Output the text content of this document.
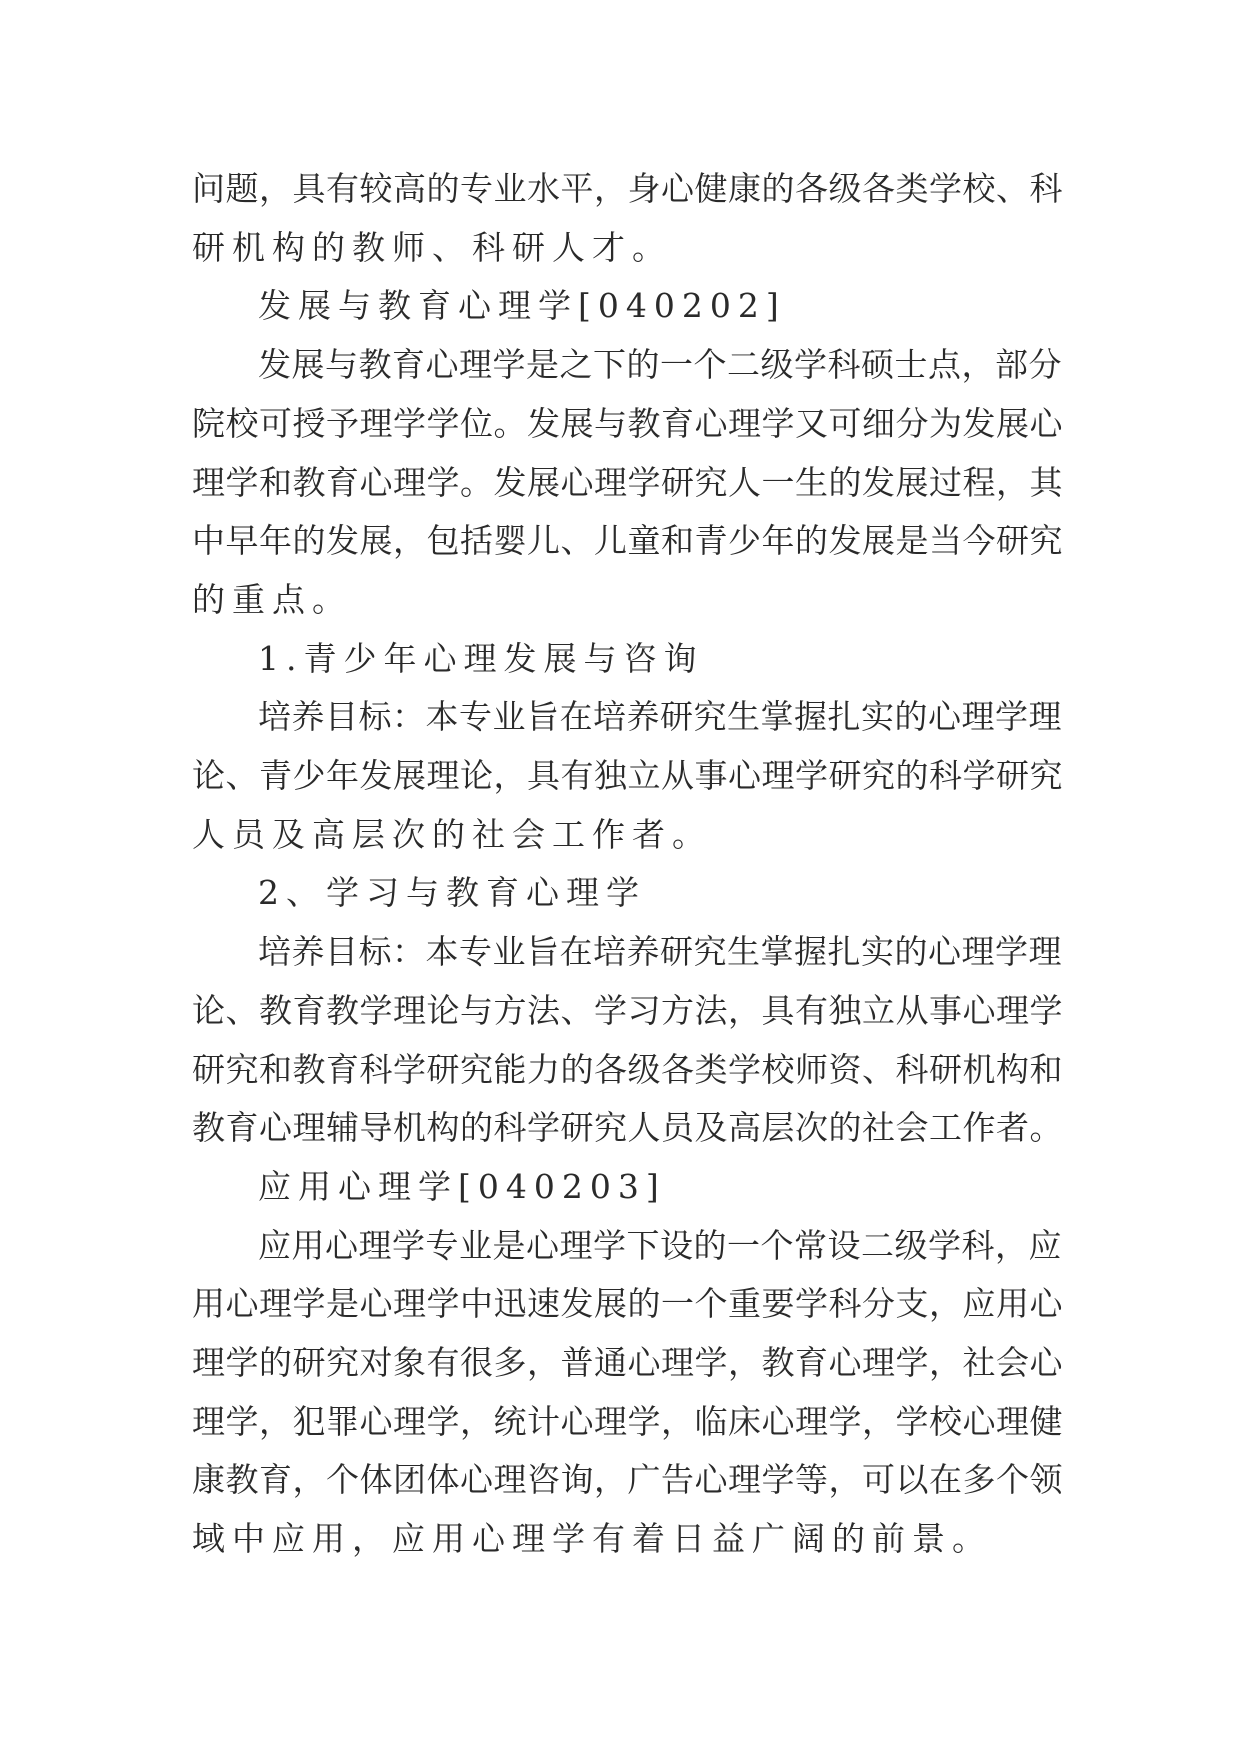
问题，具有较高的专业水平，身心健康的各级各类学校、科
研机构的教师、科研人才。
发展与教育心理学[040202]
发展与教育心理学是之下的一个二级学科硕士点，部分
院校可授予理学学位。发展与教育心理学又可细分为发展心
理学和教育心理学。发展心理学研究人一生的发展过程，其
中早年的发展，包括婴儿、儿童和青少年的发展是当今研究
的重点。
1.青少年心理发展与咨询
培养目标：本专业旨在培养研究生掌握扎实的心理学理
论、青少年发展理论，具有独立从事心理学研究的科学研究
人员及高层次的社会工作者。
2、学习与教育心理学
培养目标：本专业旨在培养研究生掌握扎实的心理学理
论、教育教学理论与方法、学习方法，具有独立从事心理学
研究和教育科学研究能力的各级各类学校师资、科研机构和
教育心理辅导机构的科学研究人员及高层次的社会工作者。
应用心理学[040203]
应用心理学专业是心理学下设的一个常设二级学科，应
用心理学是心理学中迅速发展的一个重要学科分支，应用心
理学的研究对象有很多，普通心理学，教育心理学，社会心
理学，犯罪心理学，统计心理学，临床心理学，学校心理健
康教育，个体团体心理咨询，广告心理学等，可以在多个领
域中应用，应用心理学有着日益广阔的前景。
